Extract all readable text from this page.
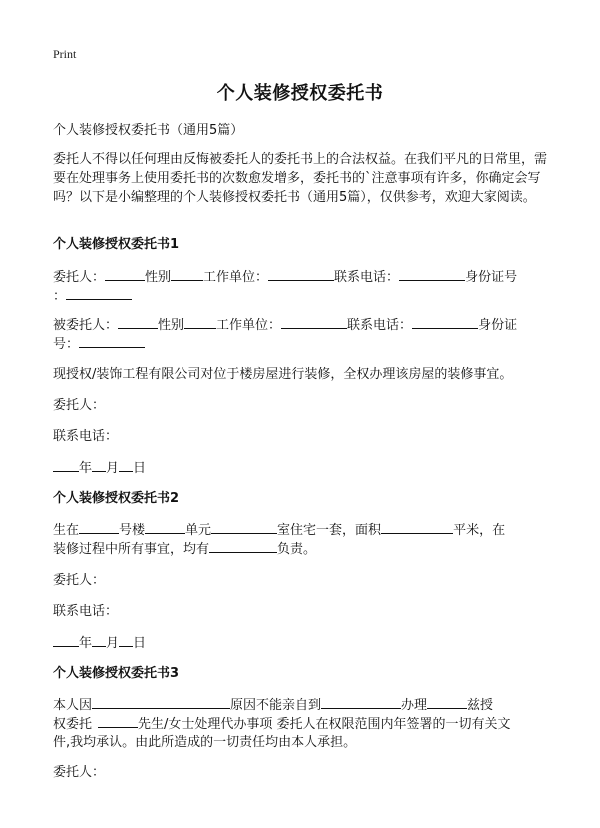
Print
个人装修授权委托书
个人装修授权委托书（通用5篇）
委托人不得以任何理由反悔被委托人的委托书上的合法权益。在我们平凡的日常里，需要在处理事务上使用委托书的次数愈发增多，委托书的`注意事项有许多，你确定会写吗？以下是小编整理的个人装修授权委托书（通用5篇），仅供参考，欢迎大家阅读。
个人装修授权委托书1
委托人：	性别 工作单位：	联系电话：	身份证号
：
被委托人：	性别 工作单位：	联系电话：	身份证
号：
现授权/装饰工程有限公司对位于楼房屋进行装修，全权办理该房屋的装修事宜。
委托人：
联系电话：
年 月 日
个人装修授权委托书2
生在	号楼	单元	室住宅一套，面积	平米，在
装修过程中所有事宜，均有	负责。
委托人：
联系电话：
年 月 日
个人装修授权委托书3
本人因	原因不能亲自到	办理	兹授
权委托	先生/女士处理代办事项 委托人在权限范围内年签署的一切有关文
件,我均承认。由此所造成的一切责任均由本人承担。
委托人：
